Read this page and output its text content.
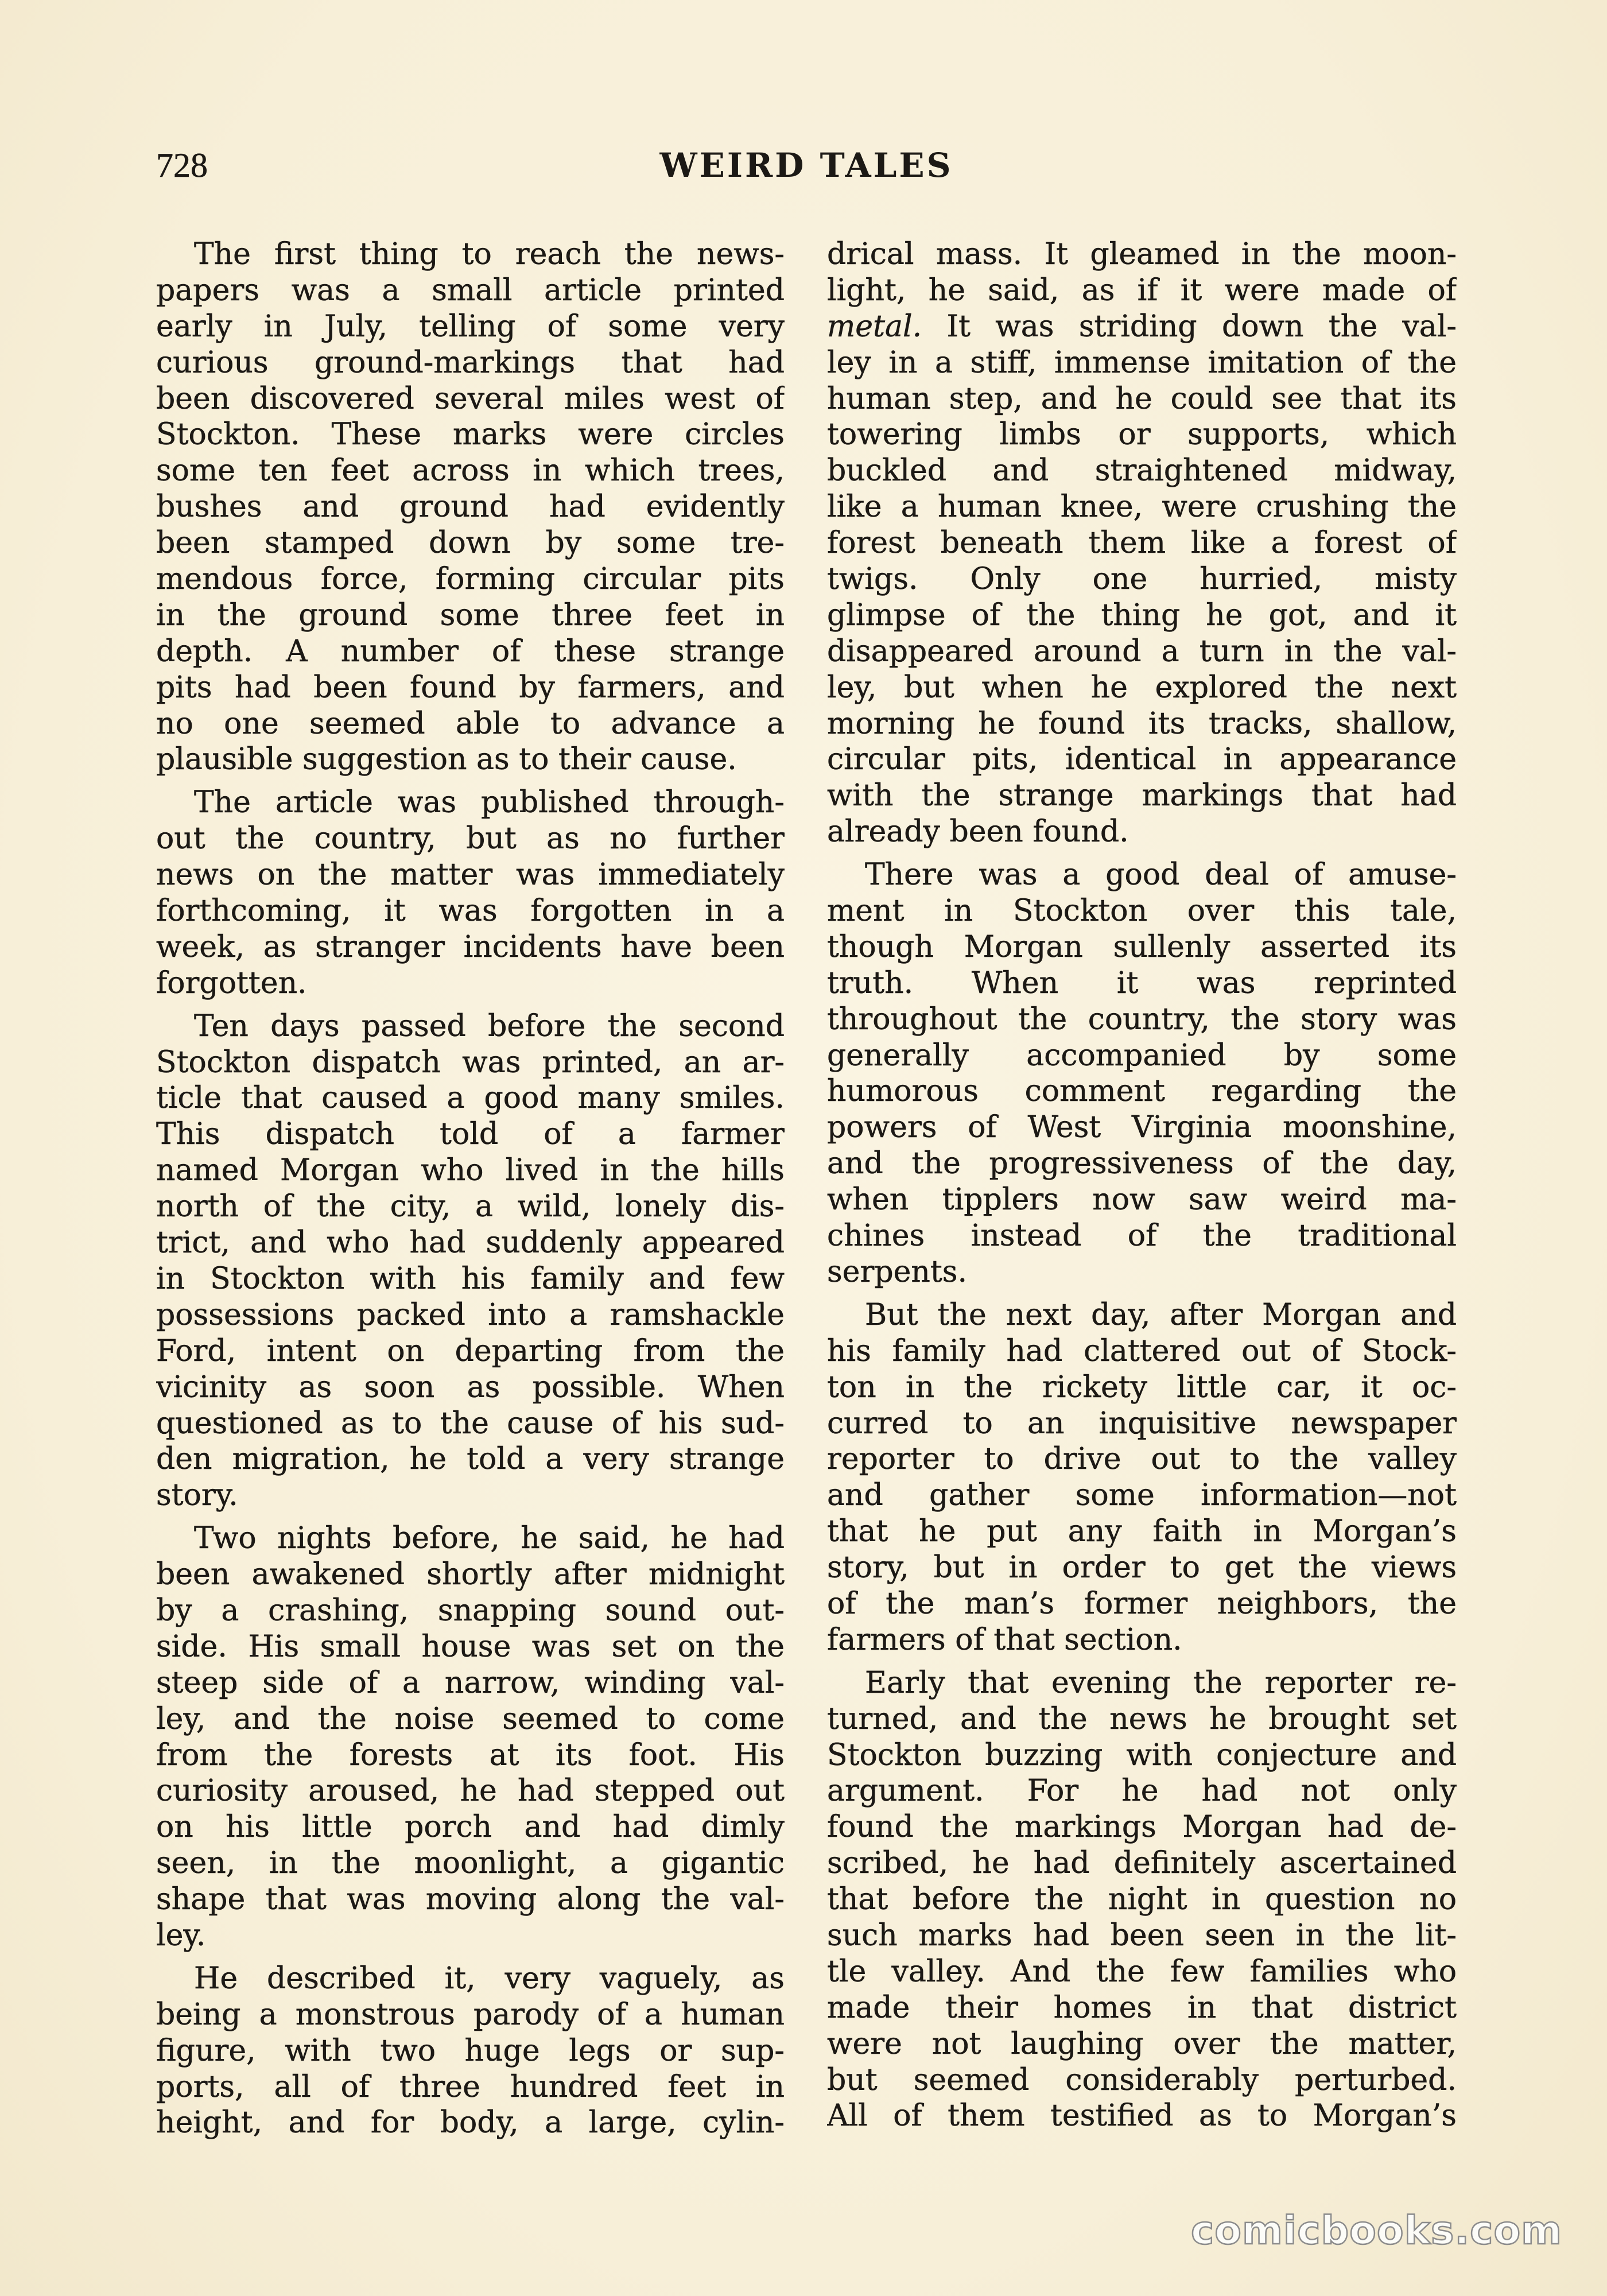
728	WEIRD TALES
The first thing to reach the news-
papers was a small article printed
early in July, telling of some very
curious ground-markings that had
been discovered several miles west of
Stockton. These marks were circles
some ten feet across in which trees,
bushes and ground had evidently
been stamped down by some tre-
mendous force, forming circular pits
in the ground some three feet in
depth. A number of these strange
pits had been found by farmers, and
no one seemed able to advance a
plausible suggestion as to their cause.
The article was published through-
out the country, but as no further
news on the matter was immediately
forthcoming, it was forgotten in a
week, as stranger incidents have been
forgotten.
Ten days passed before the second
Stockton dispatch was printed, an ar-
ticle that caused a good many smiles.
This dispatch told of a farmer
named Morgan who lived in the hills
north of the city, a wild, lonely dis-
trict, and who had suddenly appeared
in Stockton with his family and few
possessions packed into a ramshackle
Ford, intent on departing from the
vicinity as soon as possible. When
questioned as to the cause of his sud-
den migration, he told a very strange
story.
Two nights before, he said, he had
been awakened shortly after midnight
by a crashing, snapping sound out-
side. His small house was set on the
steep side of a narrow, winding val-
ley, and the noise seemed to come
from the forests at its foot. His
curiosity aroused, he had stepped out
on his little porch and had dimly
seen, in the moonlight, a gigantic
shape that was moving along the val-
ley.
He described it, very vaguely, as
being a monstrous parody of a human
figure, with two huge legs or sup-
ports, all of three hundred feet in
height, and for body, a large, cylin-
drical mass. It gleamed in the moon-
light, he said, as if it were made of
metal. It was striding down the val-
ley in a stiff, immense imitation of the
human step, and he could see that its
towering limbs or supports, which
buckled and straightened midway,
like a human knee, were crushing the
forest beneath them like a forest of
twigs. Only one hurried, misty
glimpse of the thing he got, and it
disappeared around a turn in the val-
ley, but when he explored the next
morning he found its tracks, shallow,
circular pits, identical in appearance
with the strange markings that had
already been found.
There was a good deal of amuse-
ment in Stockton over this tale,
though Morgan sullenly asserted its
truth. When it was reprinted
throughout the country, the story was
generally accompanied by some
humorous comment regarding the
powers of West Virginia moonshine,
and the progressiveness of the day,
when tipplers now saw weird ma-
chines instead of the traditional
serpents.
But the next day, after Morgan and
his family had clattered out of Stock-
ton in the rickety little car, it oc-
curred to an inquisitive newspaper
reporter to drive out to the valley
and gather some information—not
that he put any faith in Morgan’s
story, but in order to get the views
of the man’s former neighbors, the
farmers of that section.
Early that evening the reporter re-
turned, and the news he brought set
Stockton buzzing with conjecture and
argument. For he had not only
found the markings Morgan had de-
scribed, he had definitely ascertained
that before the night in question no
such marks had been seen in the lit-
tle valley. And the few families who
made their homes in that district
were not laughing over the matter,
but seemed considerably perturbed.
All of them testified as to Morgan’s
comicbooks.com
